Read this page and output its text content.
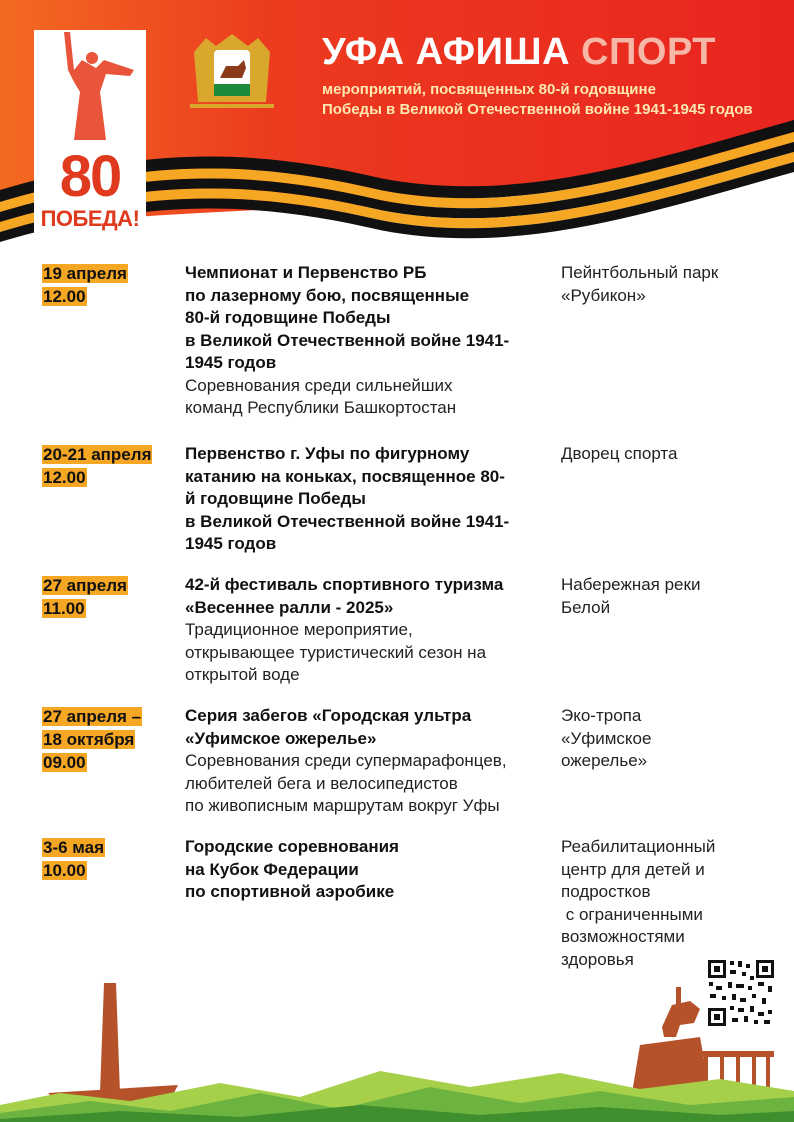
80
ПОБЕДА!
УФА АФИША СПОРТ
мероприятий, посвященных 80-й годовщине
Победы в Великой Отечественной войне 1941-1945 годов
19 апреля
12.00
Чемпионат и Первенство РБ
по лазерному бою, посвященные
80-й годовщине Победы
в Великой Отечественной войне 1941-
1945 годов
Соревнования среди сильнейших
команд Республики Башкортостан
Пейнтбольный парк
«Рубикон»
20-21 апреля
12.00
Первенство г. Уфы по фигурному
катанию на коньках, посвященное 80-
й годовщине Победы
в Великой Отечественной войне 1941-
1945 годов
Дворец спорта
27 апреля
11.00
42-й фестиваль спортивного туризма
«Весеннее ралли - 2025»
Традиционное мероприятие,
открывающее туристический сезон на
открытой воде
Набережная реки
Белой
27 апреля –
18 октября
09.00
Серия забегов «Городская ультра
«Уфимское ожерелье»
Соревнования среди супермарафонцев,
любителей бега и велосипедистов
по живописным маршрутам вокруг Уфы
Эко-тропа
«Уфимское
ожерелье»
3-6 мая
10.00
Городские соревнования
на Кубок Федерации
по спортивной аэробике
Реабилитационный
центр для детей и
подростков
с ограниченными
возможностями
здоровья
